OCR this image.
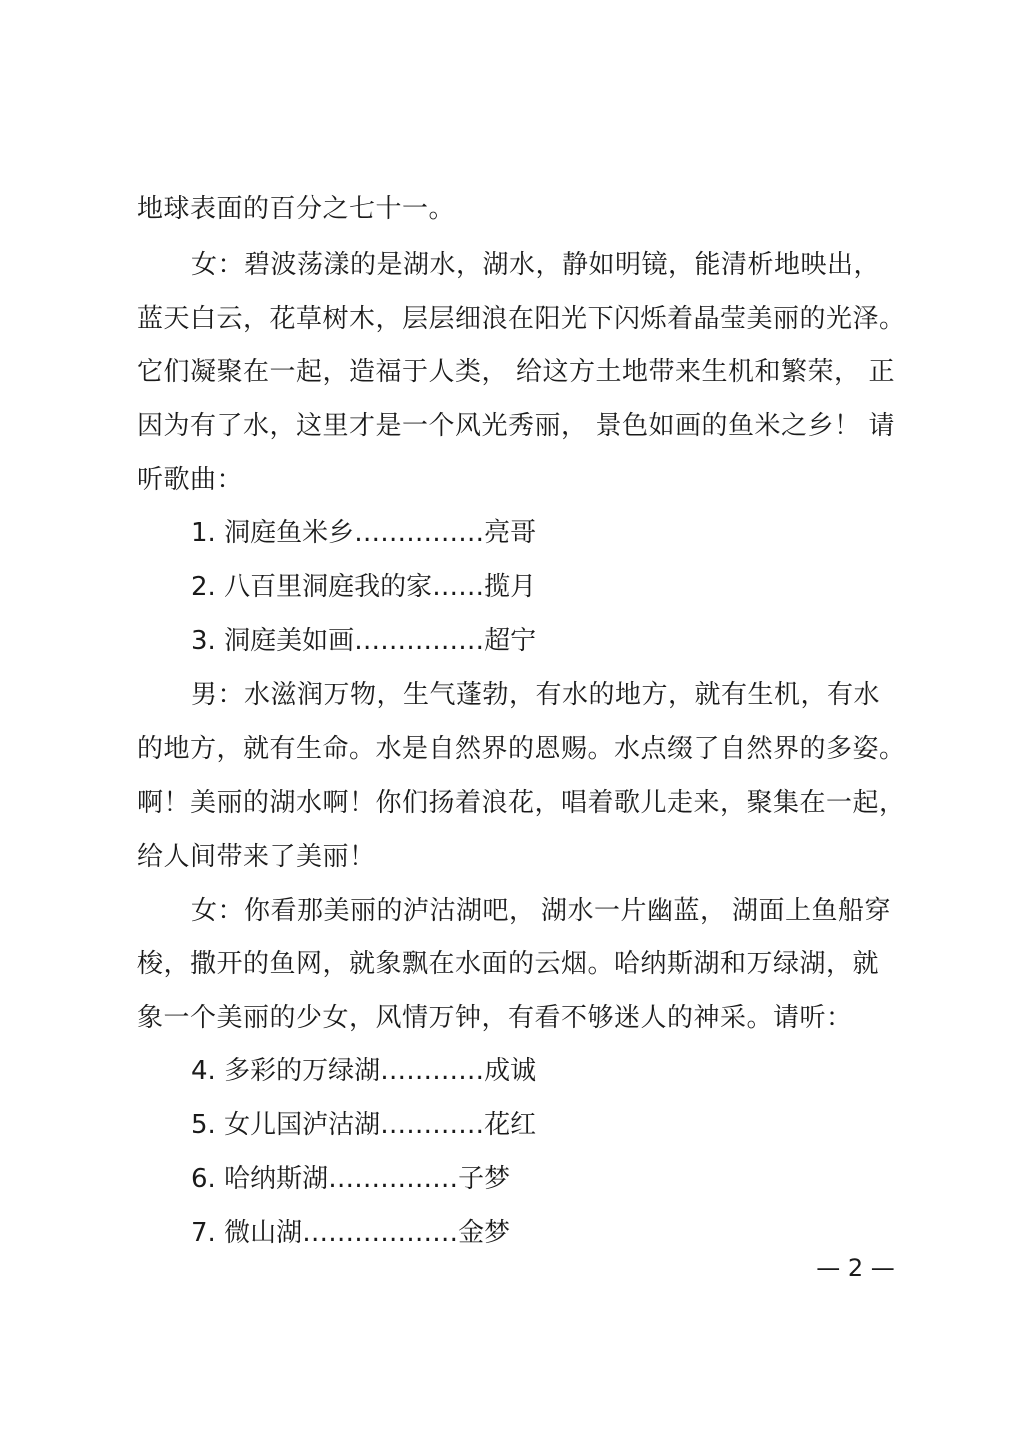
地球表面的百分之七十一。
女：碧波荡漾的是湖水，湖水，静如明镜，能清析地映出，
蓝天白云，花草树木，层层细浪在阳光下闪烁着晶莹美丽的光泽。
它们凝聚在一起，造福于人类， 给这方土地带来生机和繁荣， 正
因为有了水，这里才是一个风光秀丽， 景色如画的鱼米之乡！ 请
听歌曲：
1. 洞庭鱼米乡……………亮哥
2. 八百里洞庭我的家……揽月
3. 洞庭美如画……………超宁
男：水滋润万物，生气蓬勃，有水的地方，就有生机，有水
的地方，就有生命。 水是自然界的恩赐。 水点缀了自然界的多姿。
啊！美丽的湖水啊！ 你们扬着浪花， 唱着歌儿走来， 聚集在一起，
给人间带来了美丽！
女：你看那美丽的泸沽湖吧， 湖水一片幽蓝， 湖面上鱼船穿
梭，撒开的鱼网，就象飘在水面的云烟。哈纳斯湖和万绿湖，就
象一个美丽的少女，风情万钟，有看不够迷人的神采。请听：
4. 多彩的万绿湖…………成诚
5. 女儿国泸沽湖…………花红
6. 哈纳斯湖……………子梦
7. 微山湖………………金梦
— 2 —
